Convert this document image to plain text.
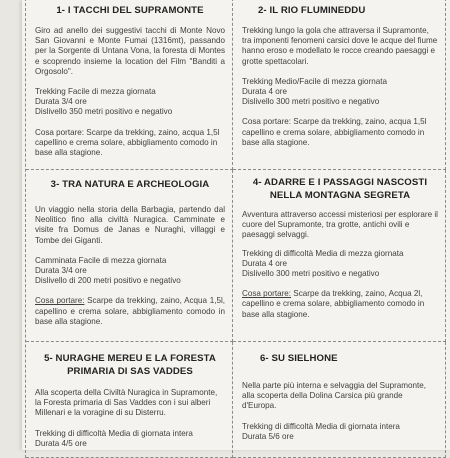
1- I TACCHI DEL SUPRAMONTE

Giro ad anello dei suggestivi tacchi di Monte Novo San Giovanni e Monte Fumai (1316mt), passando per la Sorgente di Untana Vona, la foresta di Montes e scoprendo insieme la location del Film "Banditi a Orgosolo".

Trekking Facile di mezza giornata

Durata 3/4 ore

Dislivello 350 metri positivo e negativo

Cosa portare: Scarpe da trekking, zaino, acqua 1,5l capellino e crema solare, abbigliamento comodo in base alla stagione.

2- IL RIO FLUMINEDDU

Trekking lungo la gola che attraversa il Supramonte, tra imponenti fenomeni carsici dove le acque del fiume hanno eroso e modellato le rocce creando paesaggi e grotte spettacolari.

Trekking Medio/Facile di mezza giornata

Durata 4 ore

Dislivello 300 metri positivo e negativo

Cosa portare: Scarpe da trekking, zaino, acqua 1,5l capellino e crema solare, abbigliamento comodo in base alla stagione.

3- TRA NATURA E ARCHEOLOGIA

Un viaggio nella storia della Barbagia, partendo dal Neolitico fino alla civiltà Nuragica. Camminate e visite fra Domus de Janas e Nuraghi, villaggi e Tombe dei Giganti.

Camminata Facile di mezza giornata

Durata 3/4 ore

Dislivello di 200 metri positivo e negativo

Cosa portare: Scarpe da trekking, zaino, Acqua 1,5l, capellino e crema solare, abbigliamento comodo in base alla stagione.

4- ADARRE E I PASSAGGI NASCOSTI NELLA MONTAGNA SEGRETA

Avventura attraverso accessi misteriosi per esplorare il cuore del Supramonte, tra grotte, antichi ovili e paesaggi selvaggi.

Trekking di difficoltà Media di mezza giornata

Durata 4 ore

Dislivello 300 metri positivo e negativo

Cosa portare: Scarpe da trekking, zaino, Acqua 2l, capellino e crema solare, abbigliamento comodo in base alla stagione.

5- NURAGHE MEREU E LA FORESTA PRIMARIA DI SAS VADDES

Alla scoperta della Civiltà Nuragica in Supramonte, la Foresta primaria di Sas Vaddes con i sui alberi Millenari e la voragine di su Disterru.

Trekking di difficoltà Media di giornata intera

Durata 4/5 ore

6- SU SIELHONE

Nella parte più interna e selvaggia del Supramonte, alla scoperta della Dolina Carsica più grande d'Europa.

Trekking di difficoltà Media di giornata intera

Durata 5/6 ore
